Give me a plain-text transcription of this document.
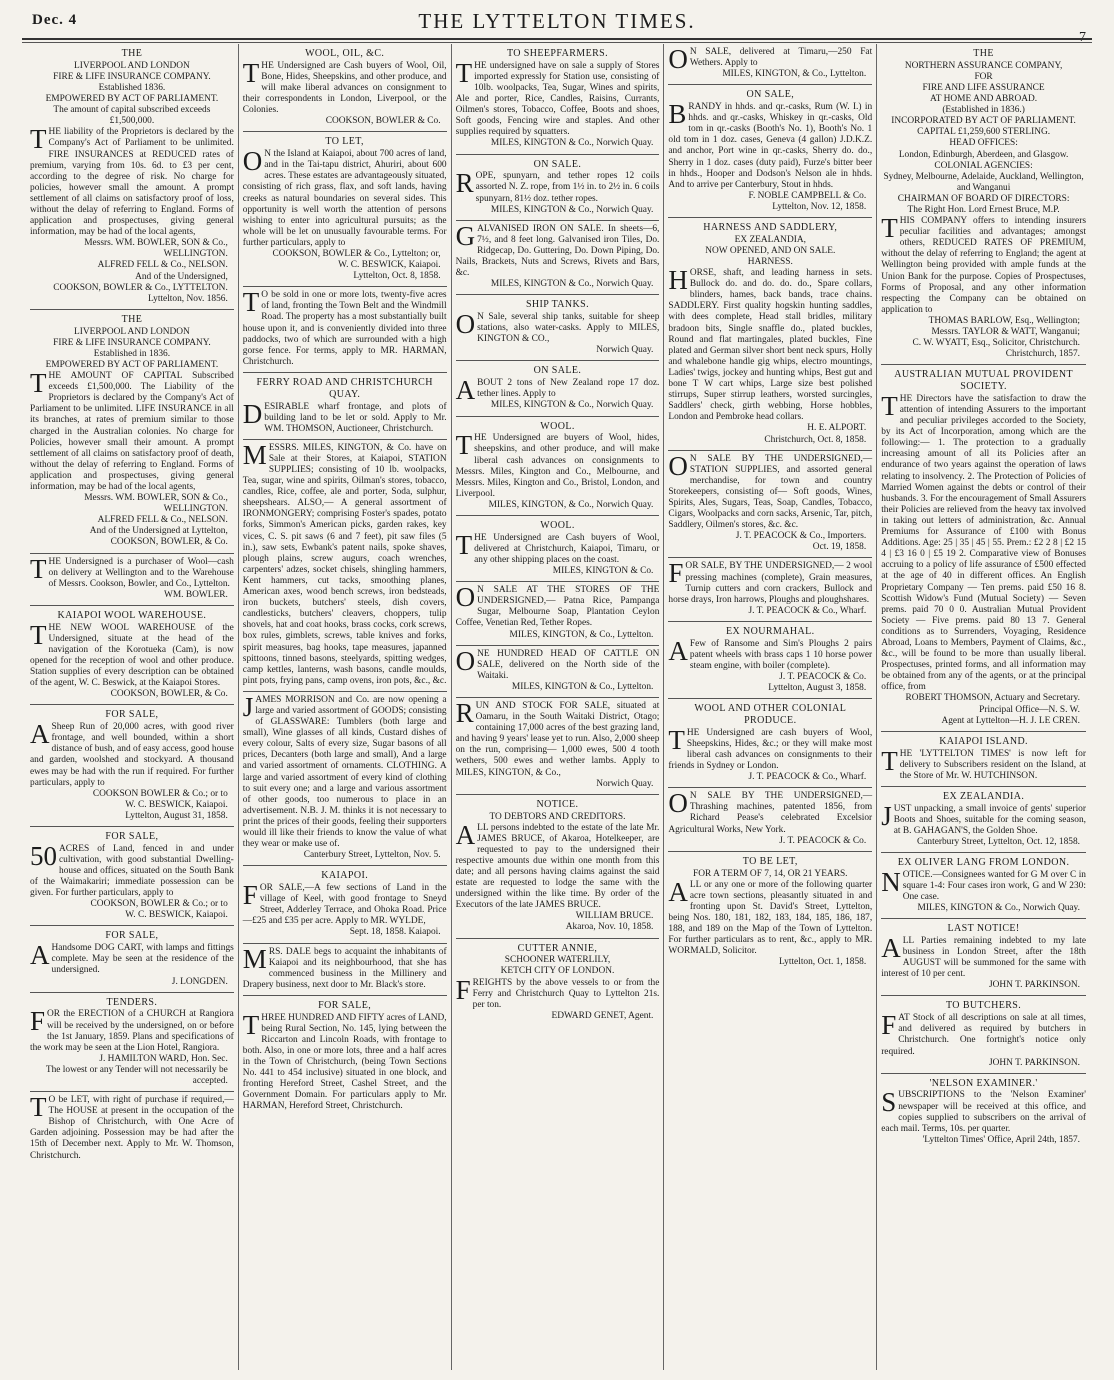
Dec. 4	THE LYTTELTON TIMES.
7
THE
LIVERPOOL AND LONDON
FIRE & LIFE INSURANCE COMPANY.
Established 1836.
EMPOWERED BY ACT OF PARLIAMENT.
The amount of capital subscribed exceeds £1,500,000.
THE liability of the Proprietors is declared by the Company's Act of Parliament to be unlimited. FIRE INSURANCES at REDUCED rates of premium, varying from 10s. 6d. to £3 per cent, according to the degree of risk. No charge for policies, however small the amount. A prompt settlement of all claims on satisfactory proof of loss, without the delay of referring to England. Forms of application and prospectuses, giving general information, may be had of the local agents,
Messrs. WM. BOWLER, SON & Co., WELLINGTON.
ALFRED FELL & Co., NELSON.
And of the Undersigned,
COOKSON, BOWLER & Co., LYTTELTON.
Lyttelton, Nov. 1856.
THE
LIVERPOOL AND LONDON
FIRE & LIFE INSURANCE COMPANY.
Established in 1836.
EMPOWERED BY ACT OF PARLIAMENT.
THE AMOUNT OF CAPITAL Subscribed exceeds £1,500,000. The Liability of the Proprietors is declared by the Company's Act of Parliament to be unlimited. LIFE INSURANCE in all its branches, at rates of premium similar to those charged in the Australian colonies. No charge for Policies, however small their amount. A prompt settlement of all claims on satisfactory proof of death, without the delay of referring to England. Forms of application and prospectuses, giving general information, may be had of the local agents,
Messrs. WM. BOWLER, SON & Co., WELLINGTON.
ALFRED FELL & Co., NELSON.
And of the Undersigned at Lyttelton,
COOKSON, BOWLER, & Co.
THE Undersigned is a purchaser of Wool—cash on delivery at Wellington and to the Warehouse of Messrs. Cookson, Bowler, and Co., Lyttelton.
WM. BOWLER.
KAIAPOI WOOL WAREHOUSE.
THE NEW WOOL WAREHOUSE of the Undersigned, situate at the head of the navigation of the Korotueka (Cam), is now opened for the reception of wool and other produce. Station supplies of every description can be obtained of the agent, W. C. Beswick, at the Kaiapoi Stores.
COOKSON, BOWLER, & Co.
FOR SALE,
A Sheep Run of 20,000 acres, with good river frontage, and well bounded, within a short distance of bush, and of easy access, good house and garden, woolshed and stockyard. A thousand ewes may be had with the run if required. For further particulars, apply to
COOKSON BOWLER & Co.; or to
W. C. BESWICK, Kaiapoi.
Lyttelton, August 31, 1858.
FOR SALE,
50 ACRES of Land, fenced in and under cultivation, with good substantial Dwelling-house and offices, situated on the South Bank of the Waimakariri; immediate possession can be given. For further particulars, apply to
COOKSON, BOWLER & Co.; or to
W. C. BESWICK, Kaiapoi.
FOR SALE,
A Handsome DOG CART, with lamps and fittings complete. May be seen at the residence of the undersigned.
J. LONGDEN.
TENDERS.
FOR the ERECTION of a CHURCH at Rangiora will be received by the undersigned, on or before the 1st January, 1859. Plans and specifications of the work may be seen at the Lion Hotel, Rangiora.
J. HAMILTON WARD, Hon. Sec.
The lowest or any Tender will not necessarily be accepted.
T O be LET, with right of purchase if required,—The HOUSE at present in the occupation of the Bishop of Christchurch, with One Acre of Garden adjoining. Possession may be had after the 15th of December next. Apply to Mr. W. Thomson, Christchurch.
WOOL, OIL, &C.
THE Undersigned are Cash buyers of Wool, Oil, Bone, Hides, Sheepskins, and other produce, and will make liberal advances on consignment to their correspondents in London, Liverpool, or the Colonies.
COOKSON, BOWLER & Co.
TO LET,
O N the Island at Kaiapoi, about 700 acres of land, and in the Tai-tapu district, Ahuriri, about 600 acres. These estates are advantageously situated, consisting of rich grass, flax, and soft lands, having creeks as natural boundaries on several sides. This opportunity is well worth the attention of persons wishing to enter into agricultural pursuits; as the whole will be let on unusually favourable terms. For further particulars, apply to
COOKSON, BOWLER & Co., Lyttelton; or,
W. C. BESWICK, Kaiapoi.
Lyttelton, Oct. 8, 1858.
T O be sold in one or more lots, twenty-five acres of land, fronting the Town Belt and the Windmill Road. The property has a most substantially built house upon it, and is conveniently divided into three paddocks, two of which are surrounded with a high gorse fence. For terms, apply to MR. HARMAN, Christchurch.
FERRY ROAD AND CHRISTCHURCH QUAY.
DESIRABLE wharf frontage, and plots of building land to be let or sold. Apply to Mr. WM. THOMSON, Auctioneer, Christchurch.
MESSRS. MILES, KINGTON, & Co. have on Sale at their Stores, at Kaiapoi, STATION SUPPLIES; consisting of 10 lb. woolpacks, Tea, sugar, wine and spirits, Oilman's stores, tobacco, candles, Rice, coffee, ale and porter, Soda, sulphur, sheepshears. ALSO,— A general assortment of IRONMONGERY; comprising Foster's spades, potato forks, Simmon's American picks, garden rakes, key vices, C. S. pit saws (6 and 7 feet), pit saw files (5 in.), saw sets, Ewbank's patent nails, spoke shaves, plough plains, screw augurs, coach wrenches, carpenters' adzes, socket chisels, shingling hammers, Kent hammers, cut tacks, smoothing planes, American axes, wood bench screws, iron bedsteads, iron buckets, butchers' steels, dish covers, candlesticks, butchers' cleavers, choppers, tulip shovels, hat and coat hooks, brass cocks, cork screws, box rules, gimblets, screws, table knives and forks, spirit measures, bag hooks, tape measures, japanned spittoons, tinned basons, steelyards, spitting wedges, camp kettles, lanterns, wash basons, candle moulds, pint pots, frying pans, camp ovens, iron pots, &c., &c.
JAMES MORRISON and Co. are now opening a large and varied assortment of GOODS; consisting of GLASSWARE: Tumblers (both large and small), Wine glasses of all kinds, Custard dishes of every colour, Salts of every size, Sugar basons of all prices, Decanters (both large and small), And a large and varied assortment of ornaments. CLOTHING. A large and varied assortment of every kind of clothing to suit every one; and a large and various assortment of other goods, too numerous to place in an advertisement. N.B. J. M. thinks it is not necessary to print the prices of their goods, feeling their supporters would ill like their friends to know the value of what they wear or make use of.
Canterbury Street, Lyttelton, Nov. 5.
KAIAPOI.
FOR SALE,—A few sections of Land in the village of Keel, with good frontage to Sneyd Street, Adderley Terrace, and Ohoka Road. Price—£25 and £35 per acre. Apply to MR. WYLDE,
Sept. 18, 1858. Kaiapoi.
MRS. DALE begs to acquaint the inhabitants of Kaiapoi and its neighbourhood, that she has commenced business in the Millinery and Drapery business, next door to Mr. Black's store.
FOR SALE,
THREE HUNDRED AND FIFTY acres of LAND, being Rural Section, No. 145, lying between the Riccarton and Lincoln Roads, with frontage to both. Also, in one or more lots, three and a half acres in the Town of Christchurch, (being Town Sections No. 441 to 454 inclusive) situated in one block, and fronting Hereford Street, Cashel Street, and the Government Domain. For particulars apply to Mr. HARMAN, Hereford Street, Christchurch.
TO SHEEPFARMERS.
THE undersigned have on sale a supply of Stores imported expressly for Station use, consisting of 10lb. woolpacks, Tea, Sugar, Wines and spirits, Ale and porter, Rice, Candles, Raisins, Currants, Oilmen's stores, Tobacco, Coffee, Boots and shoes, Soft goods, Fencing wire and staples. And other supplies required by squatters.
MILES, KINGTON & Co., Norwich Quay.
ON SALE.
ROPE, spunyarn, and tether ropes 12 coils assorted N. Z. rope, from 1½ in. to 2½ in. 6 coils spunyarn, 81½ doz. tether ropes.
MILES, KINGTON & Co., Norwich Quay.
GALVANISED IRON ON SALE. In sheets—6, 7½, and 8 feet long. Galvanised iron Tiles, Do. Ridgecap, Do. Guttering, Do. Down Piping, Do. Nails, Brackets, Nuts and Screws, Rivets and Bars, &c.
MILES, KINGTON & Co., Norwich Quay.
SHIP TANKS.
O N Sale, several ship tanks, suitable for sheep stations, also water-casks. Apply to MILES, KINGTON & CO.,
Norwich Quay.
ON SALE.
ABOUT 2 tons of New Zealand rope 17 doz. tether lines. Apply to
MILES, KINGTON & Co., Norwich Quay.
WOOL.
THE Undersigned are buyers of Wool, hides, sheepskins, and other produce, and will make liberal cash advances on consignments to Messrs. Miles, Kington and Co., Melbourne, and Messrs. Miles, Kington and Co., Bristol, London, and Liverpool.
MILES, KINGTON, & Co., Norwich Quay.
WOOL.
THE Undersigned are Cash buyers of Wool, delivered at Christchurch, Kaiapoi, Timaru, or any other shipping places on the coast.
MILES, KINGTON & Co.
O N SALE AT THE STORES OF THE UNDERSIGNED,— Patna Rice, Pampanga Sugar, Melbourne Soap, Plantation Ceylon Coffee, Venetian Red, Tether Ropes.
MILES, KINGTON, & Co., Lyttelton.
ONE HUNDRED HEAD OF CATTLE ON SALE, delivered on the North side of the Waitaki.
MILES, KINGTON & Co., Lyttelton.
RUN AND STOCK FOR SALE, situated at Oamaru, in the South Waitaki District, Otago; containing 17,000 acres of the best grazing land, and having 9 years' lease yet to run. Also, 2,000 sheep on the run, comprising— 1,000 ewes, 500 4 tooth wethers, 500 ewes and wether lambs. Apply to MILES, KINGTON, & Co.,
Norwich Quay.
NOTICE.
TO DEBTORS AND CREDITORS.
ALL persons indebted to the estate of the late Mr. JAMES BRUCE, of Akaroa, Hotelkeeper, are requested to pay to the undersigned their respective amounts due within one month from this date; and all persons having claims against the said estate are requested to lodge the same with the undersigned within the like time. By order of the Executors of the late JAMES BRUCE.
WILLIAM BRUCE.
Akaroa, Nov. 10, 1858.
CUTTER ANNIE,
SCHOONER WATERLILY,
KETCH CITY OF LONDON.
FREIGHTS by the above vessels to or from the Ferry and Christchurch Quay to Lyttelton 21s. per ton.
EDWARD GENET, Agent.
O N SALE, delivered at Timaru,—250 Fat Wethers. Apply to
MILES, KINGTON, & Co., Lyttelton.
ON SALE,
BRANDY in hhds. and qr.-casks, Rum (W. I.) in hhds. and qr.-casks, Whiskey in qr.-casks, Old tom in qr.-casks (Booth's No. 1), Booth's No. 1 old tom in 1 doz. cases, Geneva (4 gallon) J.D.K.Z. and anchor, Port wine in qr.-casks, Sherry do. do., Sherry in 1 doz. cases (duty paid), Furze's bitter beer in hhds., Hooper and Dodson's Nelson ale in hhds. And to arrive per Canterbury, Stout in hhds.
F. NOBLE CAMPBELL & Co.
Lyttelton, Nov. 12, 1858.
HARNESS AND SADDLERY,
EX ZEALANDIA,
NOW OPENED, AND ON SALE.
HARNESS.
HORSE, shaft, and leading harness in sets. Bullock do. and do. do. do., Spare collars, blinders, hames, back bands, trace chains. SADDLERY. First quality hogskin hunting saddles, with dees complete, Head stall bridles, military bradoon bits, Single snaffle do., plated buckles, Round and flat martingales, plated buckles, Fine plated and German silver short bent neck spurs, Holly and whalebone handle gig whips, electro mountings, Ladies' twigs, jockey and hunting whips, Best gut and bone T W cart whips, Large size best polished stirrups, Super stirrup leathers, worsted surcingles, Saddlers' check, girth webbing, Horse hobbles, London and Pembroke head collars.
H. E. ALPORT.
Christchurch, Oct. 8, 1858.
O N SALE BY THE UNDERSIGNED,— STATION SUPPLIES, and assorted general merchandise, for town and country Storekeepers, consisting of— Soft goods, Wines, Spirits, Ales, Sugars, Teas, Soap, Candles, Tobacco, Cigars, Woolpacks and corn sacks, Arsenic, Tar, pitch, Saddlery, Oilmen's stores, &c. &c.
J. T. PEACOCK & Co., Importers.
Oct. 19, 1858.
FOR SALE, BY THE UNDERSIGNED,— 2 wool pressing machines (complete), Grain measures, Turnip cutters and corn crackers, Bullock and horse drays, Iron harrows, Ploughs and ploughshares.
J. T. PEACOCK & Co., Wharf.
EX NOURMAHAL.
A Few of Ransome and Sim's Ploughs 2 pairs patent wheels with brass caps 1 10 horse power steam engine, with boiler (complete).
J. T. PEACOCK & Co.
Lyttelton, August 3, 1858.
WOOL AND OTHER COLONIAL PRODUCE.
THE Undersigned are cash buyers of Wool, Sheepskins, Hides, &c.; or they will make most liberal cash advances on consignments to their friends in Sydney or London.
J. T. PEACOCK & Co., Wharf.
O N SALE BY THE UNDERSIGNED,— Thrashing machines, patented 1856, from Richard Pease's celebrated Excelsior Agricultural Works, New York.
J. T. PEACOCK & Co.
TO BE LET,
FOR A TERM OF 7, 14, OR 21 YEARS.
ALL or any one or more of the following quarter acre town sections, pleasantly situated in and fronting upon St. David's Street, Lyttelton, being Nos. 180, 181, 182, 183, 184, 185, 186, 187, 188, and 189 on the Map of the Town of Lyttelton. For further particulars as to rent, &c., apply to MR. WORMALD, Solicitor.
Lyttelton, Oct. 1, 1858.
THE
NORTHERN ASSURANCE COMPANY,
FOR
FIRE AND LIFE ASSURANCE
AT HOME AND ABROAD.
(Established in 1836.)
INCORPORATED BY ACT OF PARLIAMENT.
CAPITAL £1,259,600 STERLING.
HEAD OFFICES:
London, Edinburgh, Aberdeen, and Glasgow.
COLONIAL AGENCIES:
Sydney, Melbourne, Adelaide, Auckland, Wellington, and Wanganui
CHAIRMAN OF BOARD OF DIRECTORS:
The Right Hon. Lord Ernest Bruce, M.P.
THIS COMPANY offers to intending insurers peculiar facilities and advantages; amongst others, REDUCED RATES OF PREMIUM, without the delay of referring to England; the agent at Wellington being provided with ample funds at the Union Bank for the purpose. Copies of Prospectuses, Forms of Proposal, and any other information respecting the Company can be obtained on application to
THOMAS BARLOW, Esq., Wellington;
Messrs. TAYLOR & WATT, Wanganui;
C. W. WYATT, Esq., Solicitor, Christchurch.
Christchurch, 1857.
AUSTRALIAN MUTUAL PROVIDENT SOCIETY.
THE Directors have the satisfaction to draw the attention of intending Assurers to the important and peculiar privileges accorded to the Society, by its Act of Incorporation, among which are the following:— 1. The protection to a gradually increasing amount of all its Policies after an endurance of two years against the operation of laws relating to insolvency. 2. The Protection of Policies of Married Women against the debts or control of their husbands. 3. For the encouragement of Small Assurers their Policies are relieved from the heavy tax involved in taking out letters of administration, &c. Annual Premiums for Assurance of £100 with Bonus Additions. Age: 25 | 35 | 45 | 55. Prem.: £2 2 8 | £2 15 4 | £3 16 0 | £5 19 2. Comparative view of Bonuses accruing to a policy of life assurance of £500 effected at the age of 40 in different offices. An English Proprietary Company — Ten prems. paid £50 16 8. Scottish Widow's Fund (Mutual Society) — Seven prems. paid 70 0 0. Australian Mutual Provident Society — Five prems. paid 80 13 7. General conditions as to Surrenders, Voyaging, Residence Abroad, Loans to Members, Payment of Claims, &c., &c., will be found to be more than usually liberal. Prospectuses, printed forms, and all information may be obtained from any of the agents, or at the principal office, from
ROBERT THOMSON, Actuary and Secretary.
Principal Office—N. S. W.
Agent at Lyttelton—H. J. LE CREN.
KAIAPOI ISLAND.
THE 'LYTTELTON TIMES' is now left for delivery to Subscribers resident on the Island, at the Store of Mr. W. HUTCHINSON.
EX ZEALANDIA.
JUST unpacking, a small invoice of gents' superior Boots and Shoes, suitable for the coming season, at B. GAHAGAN'S, the Golden Shoe.
Canterbury Street, Lyttelton, Oct. 12, 1858.
EX OLIVER LANG FROM LONDON.
NOTICE.—Consignees wanted for G M over C in square 1-4: Four cases iron work, G and W 230: One case.
MILES, KINGTON & Co., Norwich Quay.
LAST NOTICE!
ALL Parties remaining indebted to my late business in London Street, after the 18th AUGUST will be summoned for the same with interest of 10 per cent.
JOHN T. PARKINSON.
TO BUTCHERS.
FAT Stock of all descriptions on sale at all times, and delivered as required by butchers in Christchurch. One fortnight's notice only required.
JOHN T. PARKINSON.
'NELSON EXAMINER.'
SUBSCRIPTIONS to the 'Nelson Examiner' newspaper will be received at this office, and copies supplied to subscribers on the arrival of each mail. Terms, 10s. per quarter.
'Lyttelton Times' Office, April 24th, 1857.
